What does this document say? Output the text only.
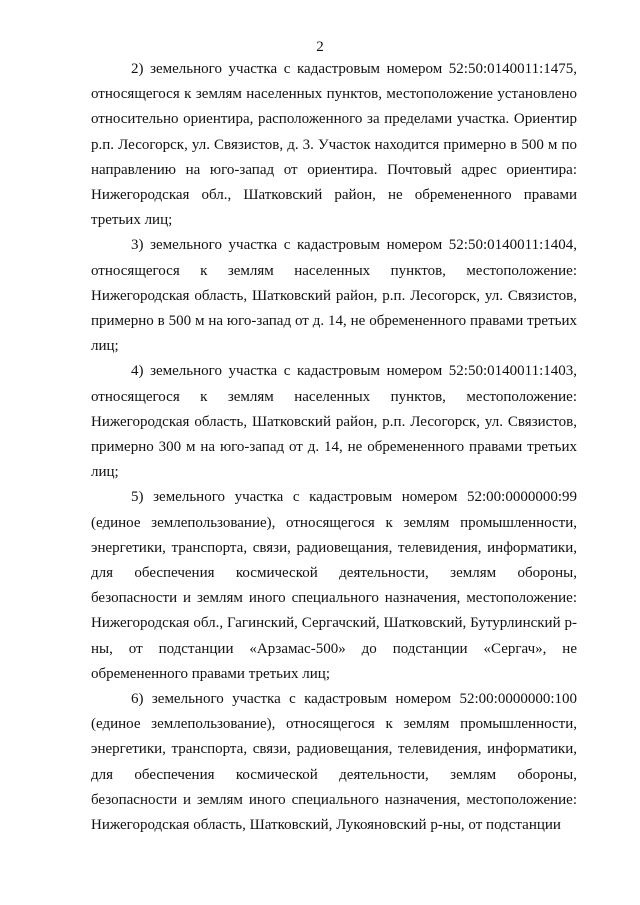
2

2) земельного участка с кадастровым номером 52:50:0140011:1475, относящегося к землям населенных пунктов, местоположение установлено относительно ориентира, расположенного за пределами участка. Ориентир р.п. Лесогорск, ул. Связистов, д. 3. Участок находится примерно в 500 м по направлению на юго-запад от ориентира. Почтовый адрес ориентира: Нижегородская обл., Шатковский район, не обремененного правами третьих лиц;

3) земельного участка с кадастровым номером 52:50:0140011:1404, относящегося к землям населенных пунктов, местоположение: Нижегородская область, Шатковский район, р.п. Лесогорск, ул. Связистов, примерно в 500 м на юго-запад от д. 14, не обремененного правами третьих лиц;

4) земельного участка с кадастровым номером 52:50:0140011:1403, относящегося к землям населенных пунктов, местоположение: Нижегородская область, Шатковский район, р.п. Лесогорск, ул. Связистов, примерно 300 м на юго-запад от д. 14, не обремененного правами третьих лиц;

5) земельного участка с кадастровым номером 52:00:0000000:99 (единое землепользование), относящегося к землям промышленности, энергетики, транспорта, связи, радиовещания, телевидения, информатики, для обеспечения космической деятельности, землям обороны, безопасности и землям иного специального назначения, местоположение: Нижегородская обл., Гагинский, Сергачский, Шатковский, Бутурлинский р-ны, от подстанции «Арзамас-500» до подстанции «Сергач», не обремененного правами третьих лиц;

6) земельного участка с кадастровым номером 52:00:0000000:100 (единое землепользование), относящегося к землям промышленности, энергетики, транспорта, связи, радиовещания, телевидения, информатики, для обеспечения космической деятельности, землям обороны, безопасности и землям иного специального назначения, местоположение: Нижегородская область, Шатковский, Лукояновский р-ны, от подстанции
